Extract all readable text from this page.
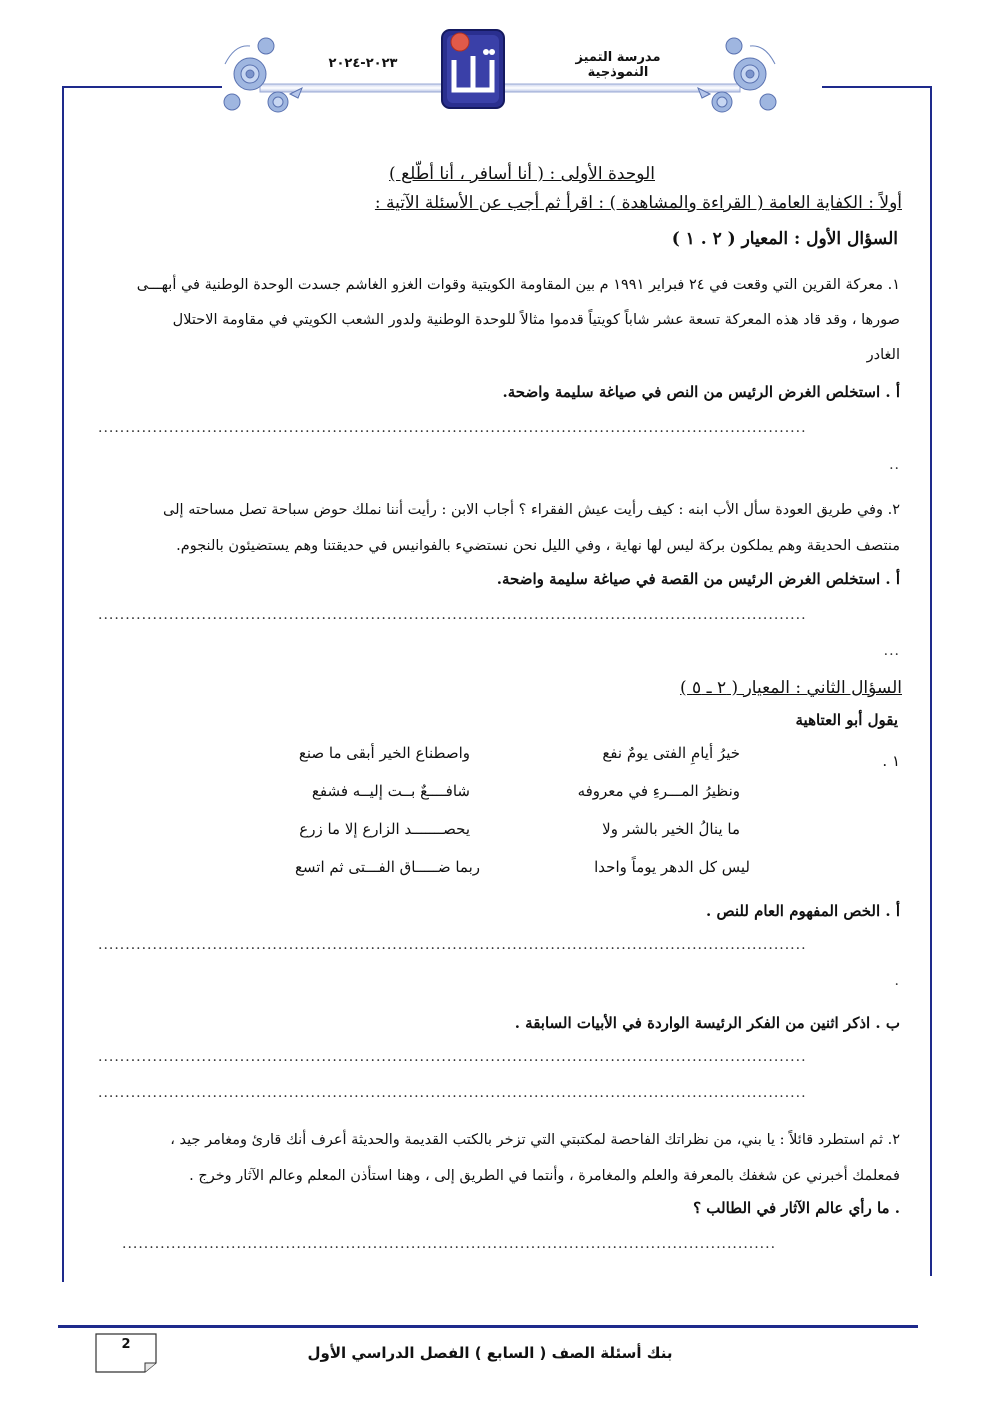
مدرسة التميز النموذجية
٢٠٢٣-٢٠٢٤
الوحدة الأولى : ( أنا أسافر ، أنا أطّلع )
أولاً : الكفاية العامة ( القراءة والمشاهدة ) : اقرأ ثم أجب عن الأسئلة الآتية :
السؤال الأول : المعيار ( ٢ . ١ )
١. معركة القرين التي وقعت في ٢٤ فبراير ١٩٩١ م بين المقاومة الكويتية وقوات الغزو الغاشم جسدت الوحدة الوطنية في أبهـــى
صورها ، وقد قاد هذه المعركة تسعة عشر شاباً كويتياً قدموا مثالاً للوحدة الوطنية ولدور الشعب الكويتي في مقاومة الاحتلال
الغادر
أ . استخلص الغرض الرئيس من النص في صياغة سليمة واضحة.
..................................................................................................................................
..
٢. وفي طريق العودة سأل الأب ابنه : كيف رأيت عيش الفقراء ؟ أجاب الابن : رأيت أننا نملك حوض سباحة تصل مساحته إلى
منتصف الحديقة وهم يملكون بركة ليس لها نهاية ، وفي الليل نحن نستضيء بالفوانيس في حديقتنا وهم يستضيئون بالنجوم.
أ . استخلص الغرض الرئيس من القصة في صياغة سليمة واضحة.
..................................................................................................................................
...
السؤال الثاني : المعيار ( ٢ ـ ٥ )
يقول أبو العتاهية
١ .
خيرُ أيامِ الفتى يومٌ نفع
واصطناع الخير أبقى ما صنع
ونظيرُ المـــرءِ في معروفه
شافــــعٌ بــت إليــه فشفع
ما ينالُ الخير بالشر ولا
يحصـــــــد الزارع إلا ما زرع
ليس كل الدهر يوماً واحدا
ربما ضـــــاق الفـــتى ثم اتسع
أ . الخص المفهوم العام للنص .
..................................................................................................................................
.
ب . اذكر اثنين من الفكر الرئيسة الواردة في الأبيات السابقة .
..................................................................................................................................
..................................................................................................................................
٢. ثم استطرد قائلاً : يا بني، من نظراتك الفاحصة لمكتبتي التي تزخر بالكتب القديمة والحديثة أعرف أنك قارئ ومغامر جيد ،
فمعلمك أخبرني عن شغفك بالمعرفة والعلم والمغامرة ، وأنتما في الطريق إلى ، وهنا استأذن المعلم وعالم الآثار وخرج .
. ما رأي عالم الآثار في الطالب ؟
........................................................................................................................
2	بنك أسئلة الصف ( السابع ) الفصل الدراسي الأول
